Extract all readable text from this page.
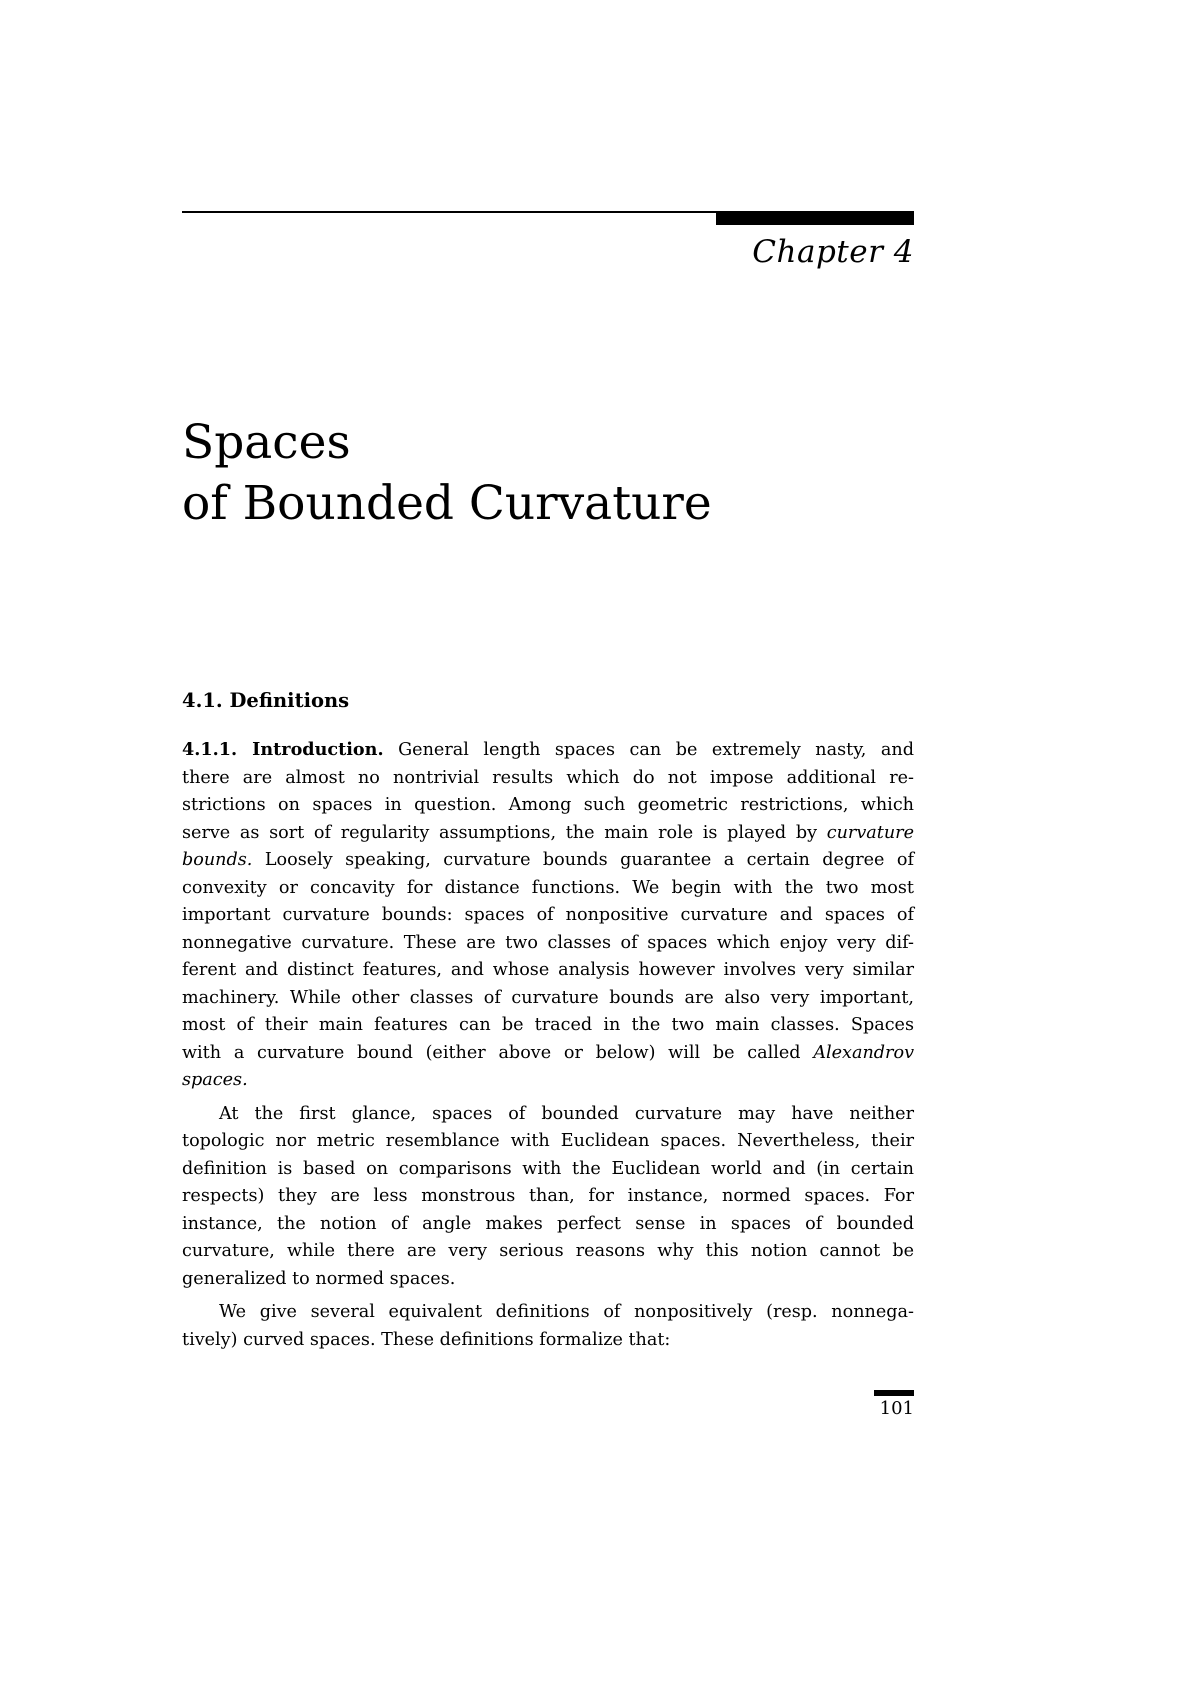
Chapter 4
Spaces
of Bounded Curvature
4.1. Definitions
4.1.1. Introduction. General length spaces can be extremely nasty, and
there are almost no nontrivial results which do not impose additional re-
strictions on spaces in question. Among such geometric restrictions, which
serve as sort of regularity assumptions, the main role is played by curvature
bounds. Loosely speaking, curvature bounds guarantee a certain degree of
convexity or concavity for distance functions. We begin with the two most
important curvature bounds: spaces of nonpositive curvature and spaces of
nonnegative curvature. These are two classes of spaces which enjoy very dif-
ferent and distinct features, and whose analysis however involves very similar
machinery. While other classes of curvature bounds are also very important,
most of their main features can be traced in the two main classes. Spaces
with a curvature bound (either above or below) will be called Alexandrov
spaces.
At the first glance, spaces of bounded curvature may have neither
topologic nor metric resemblance with Euclidean spaces. Nevertheless, their
definition is based on comparisons with the Euclidean world and (in certain
respects) they are less monstrous than, for instance, normed spaces. For
instance, the notion of angle makes perfect sense in spaces of bounded
curvature, while there are very serious reasons why this notion cannot be
generalized to normed spaces.
We give several equivalent definitions of nonpositively (resp. nonnega-
tively) curved spaces. These definitions formalize that:
101
